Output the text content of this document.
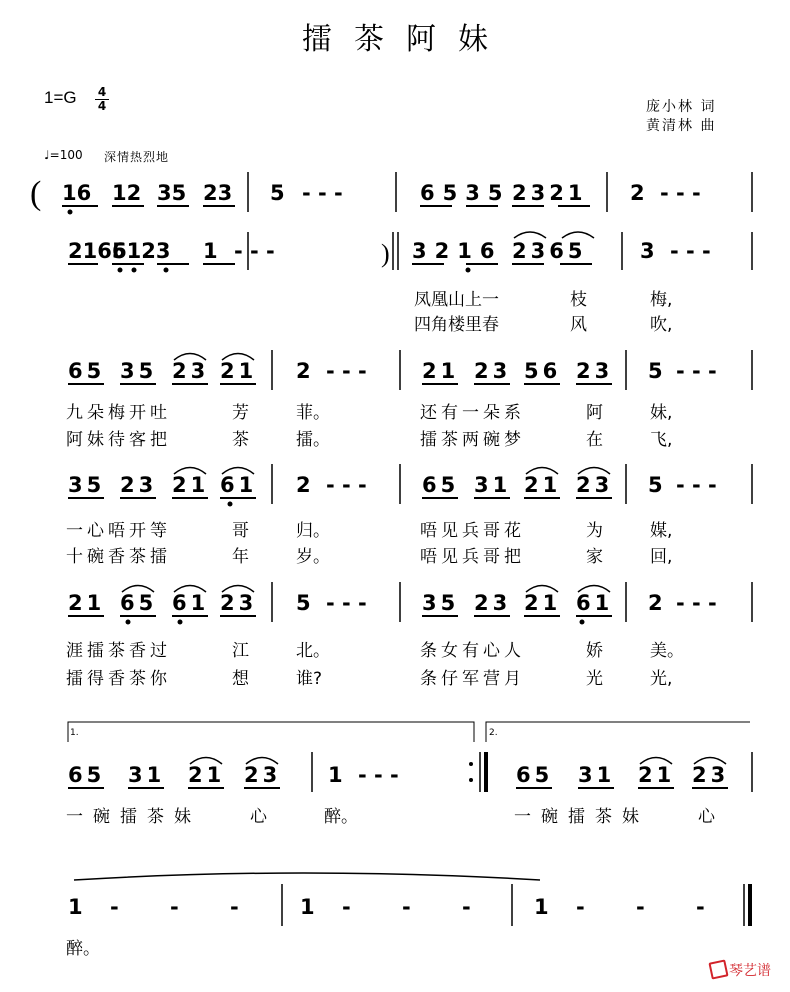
擂茶阿妹
1=G 4
4	庞小林 词
黄清林 曲
♩=100 深情热烈地
( 16 12 35 23 5 - - -	6535 2321 2 - - -
2165
6123 1	3216 2365	3 - - -
- - -	)
65 35 23 21 2 - - -	21 23 56 23 5 - - -
35 23 21 61 2 - - -	65 31 21 23 5 - - -
21 65 61 23 5 - - -	35 23 21 61 2 - - -
1.	2.
65 31 21 23 1 - - -	65 31 21 23
1 - - - 1 - - - 1 - - -
凤凰山上一	枝	梅,
四角楼里春	风	吹,
九朵梅开吐	芳	菲。	还有一朵系	阿	妹,
阿妹待客把	茶	擂。	擂茶两碗梦	在	飞,
一心唔开等	哥	归。	唔见兵哥花	为	媒,
十碗香茶擂	年	岁。	唔见兵哥把	家	回,
涯擂茶香过	江	北。	条女有心人	娇	美。
擂得香茶你	想	谁?	条仔军营月	光	光,
一碗擂茶妹	心	醉。	一碗擂茶妹	心
醉。
琴艺谱
